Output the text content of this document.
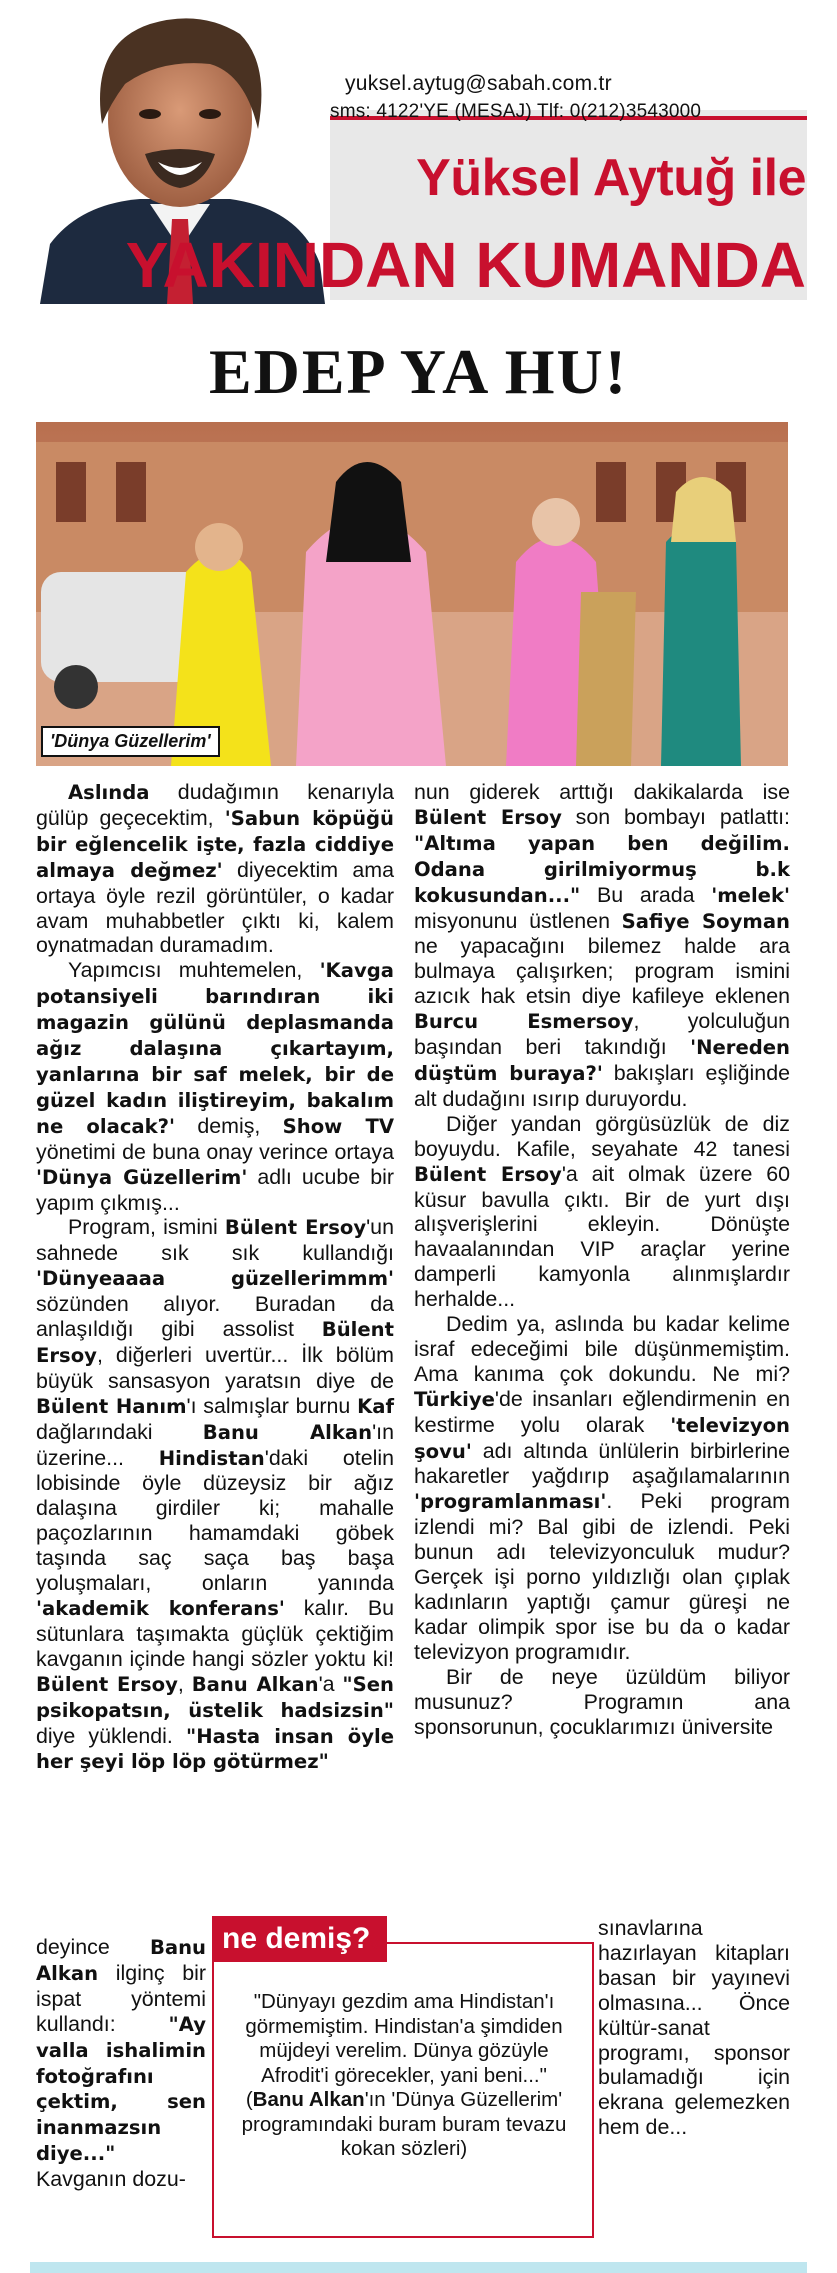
yuksel.aytug@sabah.com.tr
sms: 4122'YE (MESAJ) Tlf: 0(212)3543000
Yüksel Aytuğ ile
YAKINDAN KUMANDA
EDEP YA HU!
'Dünya Güzellerim'

Aslında dudağımın kenarıyla gülüp geçecektim, 'Sabun köpüğü bir eğlencelik işte, fazla ciddiye almaya değmez' diyecektim ama ortaya öyle rezil görüntüler, o kadar avam muhabbetler çıktı ki, kalem oynatmadan duramadım.

Yapımcısı muhtemelen, 'Kavga potansiyeli barındıran iki magazin gülünü deplasmanda ağız dalaşına çıkartayım, yanlarına bir saf melek, bir de güzel kadın iliştireyim, bakalım ne olacak?' demiş, Show TV yönetimi de buna onay verince ortaya 'Dünya Güzellerim' adlı ucube bir yapım çıkmış...

Program, ismini Bülent Ersoy'un sahnede sık sık kullandığı 'Dünyeaaaa güzellerimmm' sözünden alıyor. Buradan da anlaşıldığı gibi assolist Bülent Ersoy, diğerleri uvertür... İlk bölüm büyük sansasyon yaratsın diye de Bülent Hanım'ı salmışlar burnu Kaf dağlarındaki Banu Alkan'ın üzerine... Hindistan'daki otelin lobisinde öyle düzeysiz bir ağız dalaşına girdiler ki; mahalle paçozlarının hamamdaki göbek taşında saç saça baş başa yoluşmaları, onların yanında 'akademik konferans' kalır. Bu sütunlara taşımakta güçlük çektiğim kavganın içinde hangi sözler yoktu ki! Bülent Ersoy, Banu Alkan'a "Sen psikopatsın, üstelik hadsizsin" diye yüklendi. "Hasta insan öyle her şeyi löp löp götürmez"

deyince Banu Alkan ilginç bir ispat yöntemi kullandı: "Ay valla ishalimin fotoğrafını çektim, sen inanmazsın diye..." Kavganın dozu-

nun giderek arttığı dakikalarda ise Bülent Ersoy son bombayı patlattı: "Altıma yapan ben değilim. Odana girilmiyormuş b.k kokusundan..." Bu arada 'melek' misyonunu üstlenen Safiye Soyman ne yapacağını bilemez halde ara bulmaya çalışırken; program ismini azıcık hak etsin diye kafileye eklenen Burcu Esmersoy, yolculuğun başından beri takındığı 'Nereden düştüm buraya?' bakışları eşliğinde alt dudağını ısırıp duruyordu.

Diğer yandan görgüsüzlük de diz boyuydu. Kafile, seyahate 42 tanesi Bülent Ersoy'a ait olmak üzere 60 küsur bavulla çıktı. Bir de yurt dışı alışverişlerini ekleyin. Dönüşte havaalanından VIP araçlar yerine damperli kamyonla alınmışlardır herhalde...

Dedim ya, aslında bu kadar kelime israf edeceğimi bile düşünmemiştim. Ama kanıma çok dokundu. Ne mi? Türkiye'de insanları eğlendirmenin en kestirme yolu olarak 'televizyon şovu' adı altında ünlülerin birbirlerine hakaretler yağdırıp aşağılamalarının 'programlanması'. Peki program izlendi mi? Bal gibi de izlendi. Peki bunun adı televizyonculuk mudur? Gerçek işi porno yıldızlığı olan çıplak kadınların yaptığı çamur güreşi ne kadar olimpik spor ise bu da o kadar televizyon programıdır.

Bir de neye üzüldüm biliyor musunuz? Programın ana sponsorunun, çocuklarımızı üniversite

sınavlarına hazırlayan kitapları basan bir yayınevi olmasına... Önce kültür-sanat programı, sponsor bulamadığı için ekrana gelemezken hem de...

ne demiş?
"Dünyayı gezdim ama Hindistan'ı görmemiştim. Hindistan'a şimdiden müjdeyi verelim. Dünya gözüyle Afrodit'i görecekler, yani beni..." (Banu Alkan'ın 'Dünya Güzellerim' programındaki buram buram tevazu kokan sözleri)
